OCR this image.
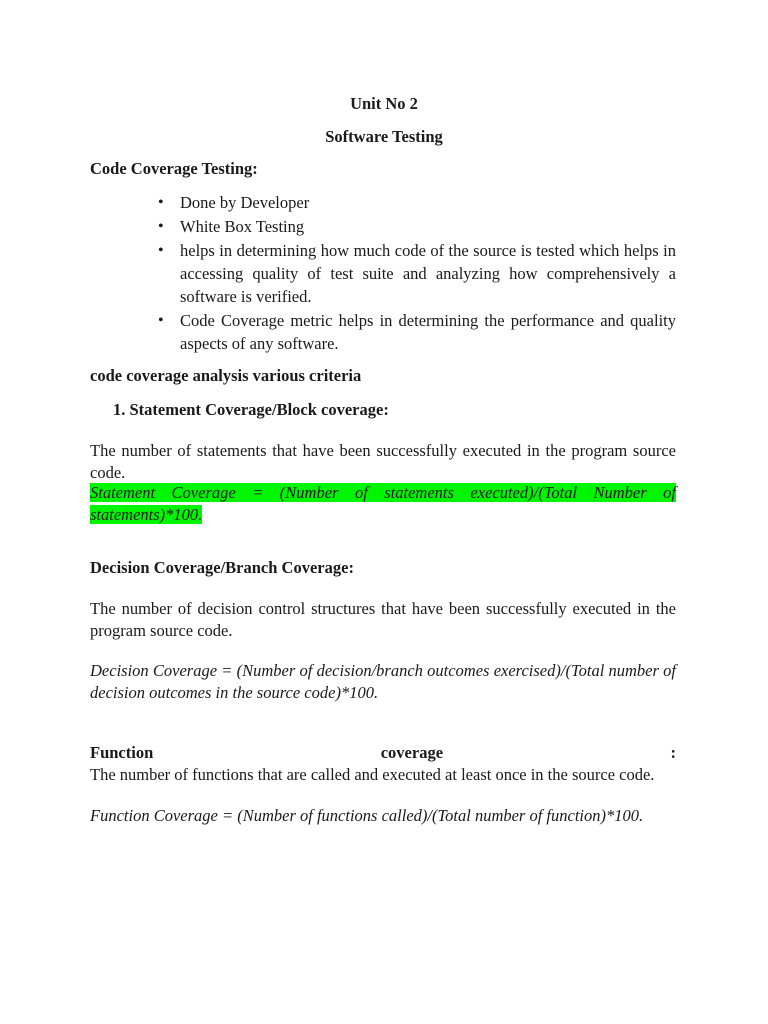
Unit No 2
Software Testing
Code Coverage Testing:
• Done by Developer
• White Box Testing
• helps in determining how much code of the source is tested which helps in accessing quality of test suite and analyzing how comprehensively a software is verified.
• Code Coverage metric helps in determining the performance and quality aspects of any software.
code coverage analysis various criteria
1. Statement Coverage/Block coverage:
The number of statements that have been successfully executed in the program source code.
Statement Coverage = (Number of statements executed)/(Total Number of statements)*100.
Decision Coverage/Branch Coverage:
The number of decision control structures that have been successfully executed in the program source code.
Decision Coverage = (Number of decision/branch outcomes exercised)/(Total number of decision outcomes in the source code)*100.
Function	coverage	:
The number of functions that are called and executed at least once in the source code.
Function Coverage = (Number of functions called)/(Total number of function)*100.
